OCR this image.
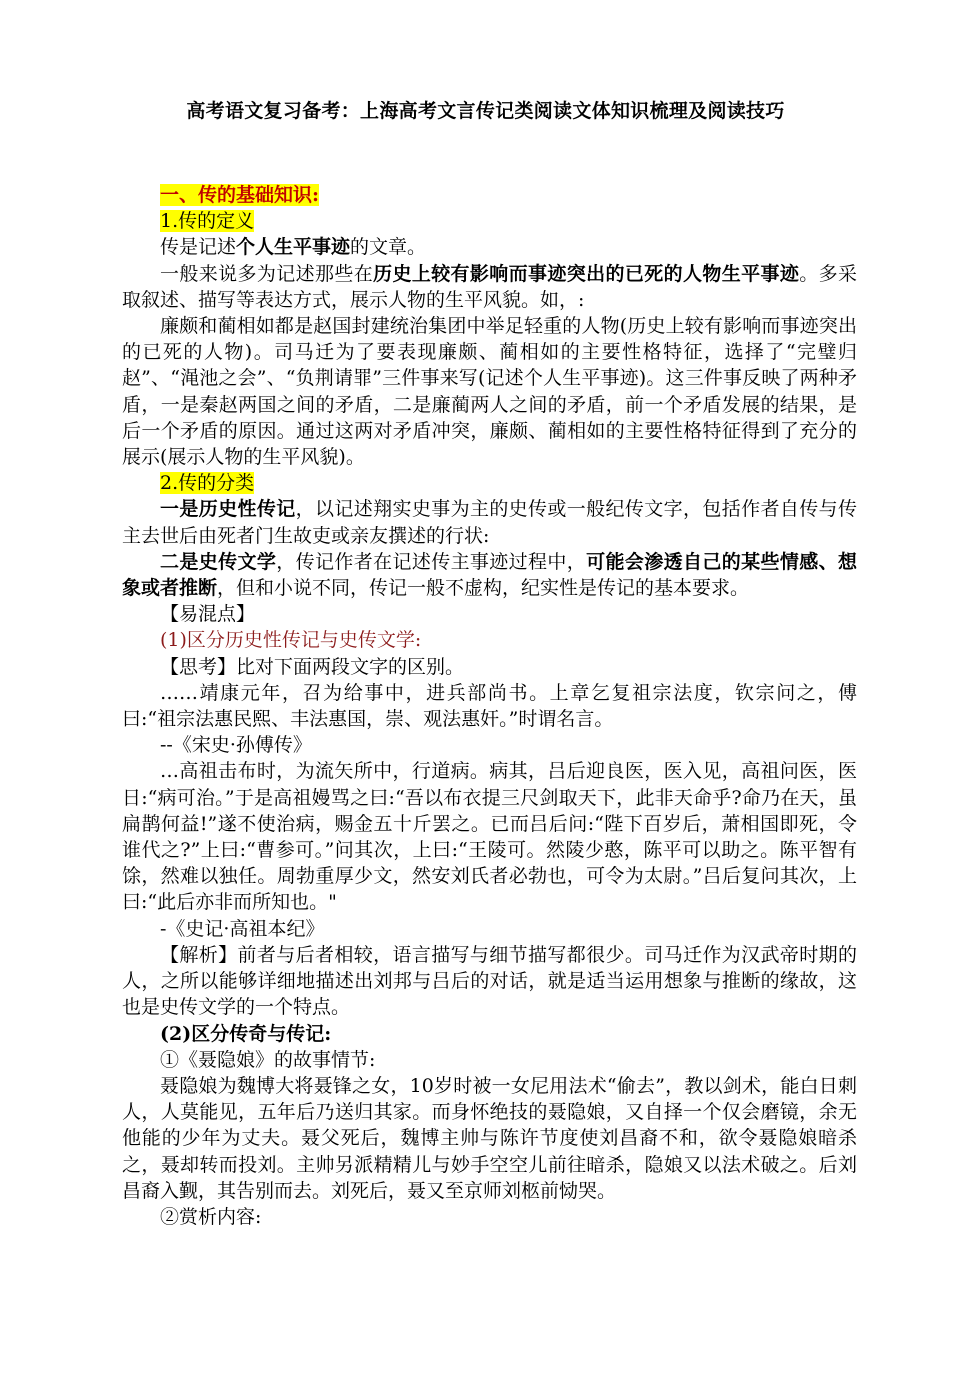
高考语文复习备考：上海高考文言传记类阅读文体知识梳理及阅读技巧

一、传的基础知识:

1.传的定义

传是记述个人生平事迹的文章。

一般来说多为记述那些在历史上较有影响而事迹突出的已死的人物生平事迹。多采取叙述、描写等表达方式，展示人物的生平风貌。如，:

廉颇和蔺相如都是赵国封建统治集团中举足轻重的人物(历史上较有影响而事迹突出的已死的人物)。司马迁为了要表现廉颇、蔺相如的主要性格特征，选择了“完璧归赵”、“渑池之会”、“负荆请罪”三件事来写(记述个人生平事迹)。这三件事反映了两种矛盾，一是秦赵两国之间的矛盾，二是廉蔺两人之间的矛盾，前一个矛盾发展的结果，是后一个矛盾的原因。通过这两对矛盾冲突，廉颇、蔺相如的主要性格特征得到了充分的展示(展示人物的生平风貌)。

2.传的分类

一是历史性传记，以记述翔实史事为主的史传或一般纪传文字，包括作者自传与传主去世后由死者门生故吏或亲友撰述的行状:

二是史传文学，传记作者在记述传主事迹过程中，可能会渗透自己的某些情感、想象或者推断，但和小说不同，传记一般不虚构，纪实性是传记的基本要求。

【易混点】

(1)区分历史性传记与史传文学:

【思考】比对下面两段文字的区别。

……靖康元年，召为给事中，进兵部尚书。上章乞复祖宗法度，钦宗问之，傅曰:“祖宗法惠民熙、丰法惠国，崇、观法惠奸。”时谓名言。

--《宋史·孙傅传》

…高祖击布时，为流矢所中，行道病。病其，吕后迎良医，医入见，高祖问医，医日:“病可治。”于是高祖嫚骂之曰:“吾以布衣提三尺剑取天下，此非天命乎?命乃在天，虽扁鹊何益!”遂不使治病，赐金五十斤罢之。已而吕后问:“陛下百岁后，萧相国即死，令谁代之?”上曰:“曹参可。”问其次，上曰:“王陵可。然陵少憨，陈平可以助之。陈平智有馀，然难以独任。周勃重厚少文，然安刘氏者必勃也，可令为太尉。”吕后复问其次，上曰:“此后亦非而所知也。"

-《史记·高祖本纪》

【解析】前者与后者相较，语言描写与细节描写都很少。司马迁作为汉武帝时期的人，之所以能够详细地描述出刘邦与吕后的对话，就是适当运用想象与推断的缘故，这也是史传文学的一个特点。

(2)区分传奇与传记:

①《聂隐娘》的故事情节:

聂隐娘为魏博大将聂锋之女，10岁时被一女尼用法术“偷去”，教以剑术，能白日刺人，人莫能见，五年后乃送归其家。而身怀绝技的聂隐娘，又自择一个仅会磨镜，余无他能的少年为丈夫。聂父死后，魏博主帅与陈许节度使刘昌裔不和，欲令聂隐娘暗杀之，聂却转而投刘。主帅另派精精儿与妙手空空儿前往暗杀，隐娘又以法术破之。后刘昌裔入觐，其告别而去。刘死后，聂又至京师刘柩前恸哭。

②赏析内容:
